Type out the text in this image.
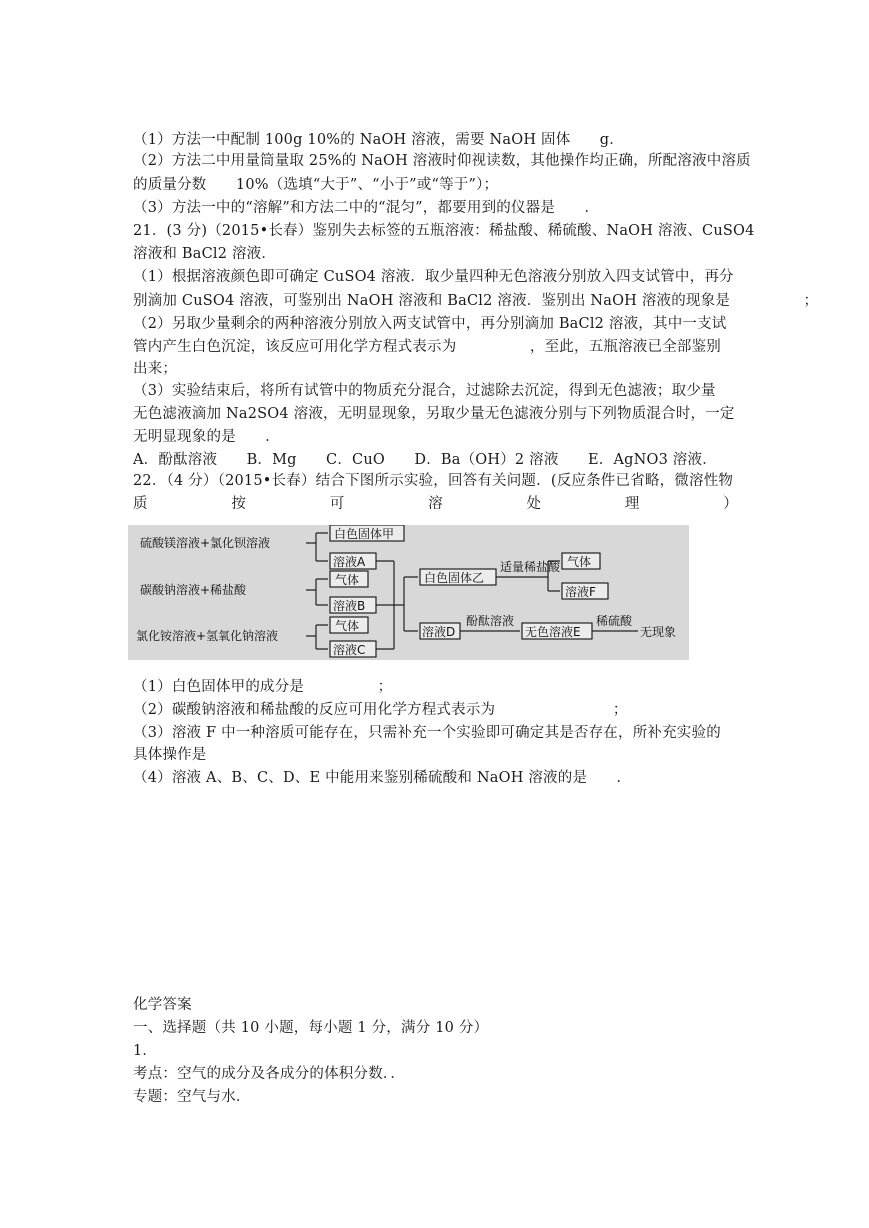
（1）方法一中配制 100g 10%的 NaOH 溶液，需要 NaOH 固体　　g．
（2）方法二中用量筒量取 25%的 NaOH 溶液时仰视读数，其他操作均正确，所配溶液中溶质
的质量分数　　10%（选填“大于”、“小于”或“等于”）；
（3）方法一中的“溶解”和方法二中的“混匀”，都要用到的仪器是　　．
21．(3 分)（2015•长春）鉴别失去标签的五瓶溶液：稀盐酸、稀硫酸、NaOH 溶液、CuSO4
溶液和 BaCl2 溶液．
（1）根据溶液颜色即可确定 CuSO4 溶液．取少量四种无色溶液分别放入四支试管中，再分
别滴加 CuSO4 溶液，可鉴别出 NaOH 溶液和 BaCl2 溶液．鉴别出 NaOH 溶液的现象是　　　　　；
（2）另取少量剩余的两种溶液分别放入两支试管中，再分别滴加 BaCl2 溶液，其中一支试
管内产生白色沉淀，该反应可用化学方程式表示为　　　　　，至此，五瓶溶液已全部鉴别
出来；
（3）实验结束后，将所有试管中的物质充分混合，过滤除去沉淀，得到无色滤液；取少量
无色滤液滴加 Na2SO4 溶液，无明显现象，另取少量无色滤液分别与下列物质混合时，一定
无明显现象的是　　．
A．酚酞溶液　　B．Mg　　C．CuO　　D．Ba（OH）2 溶液　　E．AgNO3 溶液．
22．（4 分）（2015•长春）结合下图所示实验，回答有关问题．(反应条件已省略，微溶性物
质	按	可	溶	处	理	）
硫酸镁溶液+氯化钡溶液
碳酸钠溶液+稀盐酸
氯化铵溶液+氢氧化钠溶液
白色固体甲
溶液A
气体
溶液B
气体
溶液C
白色固体乙
适量稀盐酸 气体
溶液F
溶液D
酚酞溶液
无色溶液E
稀硫酸
无现象
（1）白色固体甲的成分是　　　　　；
（2）碳酸钠溶液和稀盐酸的反应可用化学方程式表示为　　　　　　　　；
（3）溶液 F 中一种溶质可能存在，只需补充一个实验即可确定其是否存在，所补充实验的
具体操作是
（4）溶液 A、B、C、D、E 中能用来鉴别稀硫酸和 NaOH 溶液的是　　．
化学答案
一、选择题（共 10 小题，每小题 1 分，满分 10 分）
1．
考点：空气的成分及各成分的体积分数．．
专题：空气与水．
